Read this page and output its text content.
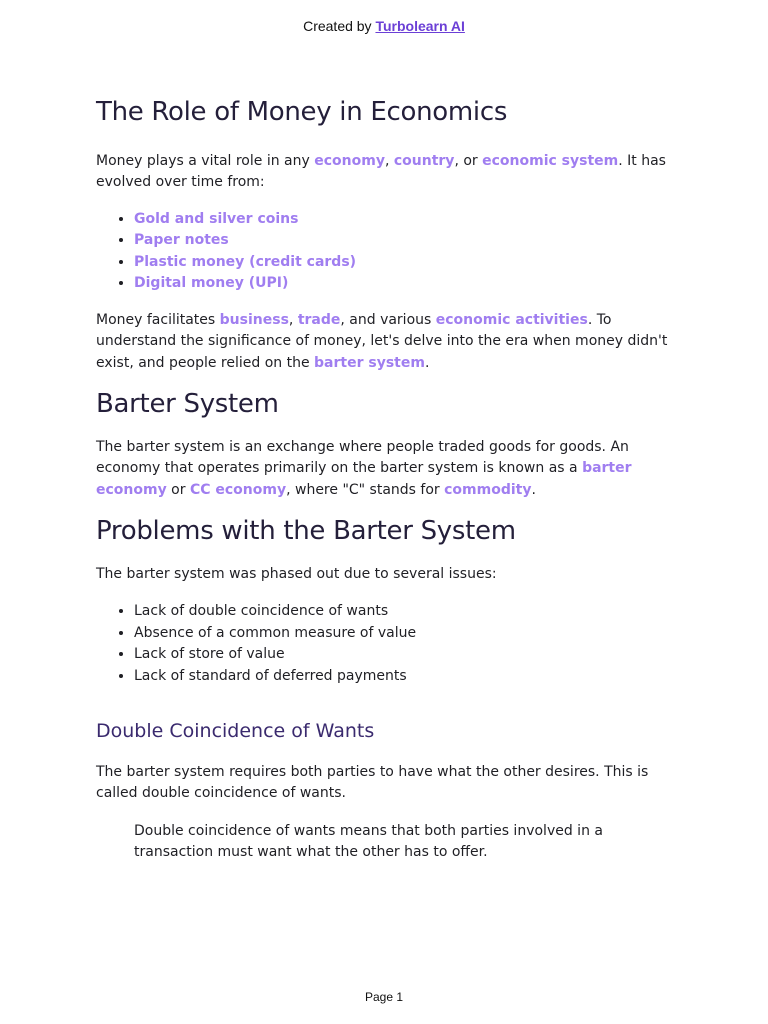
Created by Turbolearn AI
The Role of Money in Economics

Money plays a vital role in any economy, country, or economic system. It has evolved over time from:

• Gold and silver coins
• Paper notes
• Plastic money (credit cards)
• Digital money (UPI)

Money facilitates business, trade, and various economic activities. To understand the significance of money, let's delve into the era when money didn't exist, and people relied on the barter system.

Barter System

The barter system is an exchange where people traded goods for goods. An economy that operates primarily on the barter system is known as a barter economy or CC economy, where "C" stands for commodity.

Problems with the Barter System

The barter system was phased out due to several issues:

• Lack of double coincidence of wants
• Absence of a common measure of value
• Lack of store of value
• Lack of standard of deferred payments
Double Coincidence of Wants

The barter system requires both parties to have what the other desires. This is called double coincidence of wants.

Double coincidence of wants means that both parties involved in a transaction must want what the other has to offer.
Page 1
